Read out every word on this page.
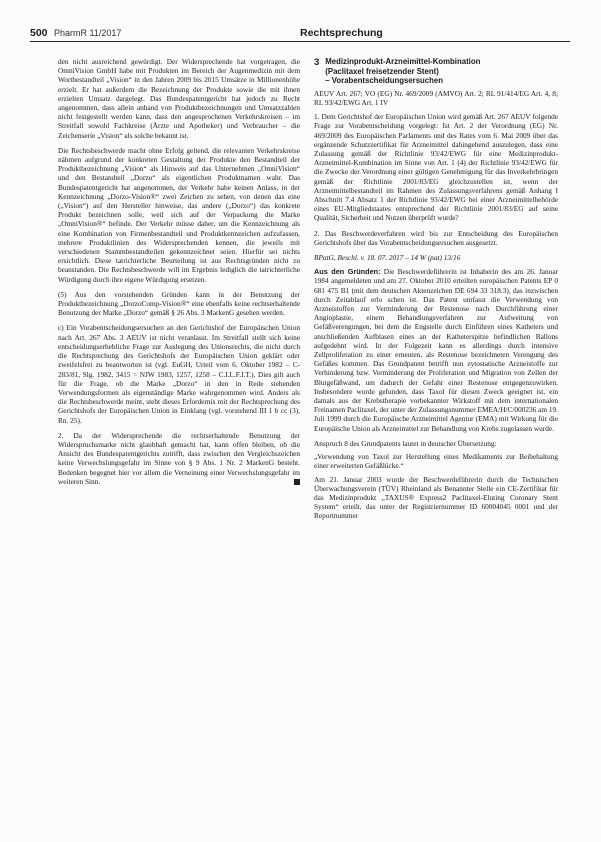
500 PharmR 11/2017	Rechtsprechung

den nicht ausreichend gewürdigt. Der Widersprechende hat vorgetragen, die OmniVision GmbH habe mit Produkten im Bereich der Augenmedizin mit dem Wortbestandteil „Vision“ in den Jahren 2009 bis 2015 Umsätze in Millionenhöhe erzielt. Er hat außerdem die Bezeichnung der Produkte sowie die mit ihnen erzielten Umsatz dargelegt. Das Bundespatentgericht hat jedoch zu Recht angenommen, dass allein anhand von Produktbezeichnungen und Umsatzzahlen nicht festgestellt werden kann, dass den angesprochenen Verkehrskreisen – im Streitfall sowohl Fachkreise (Ärzte und Apotheker) und Verbraucher – die Zeichenserie „Vision“ als solche bekannt ist.

Die Rechtsbeschwerde macht ohne Erfolg geltend, die relevanten Verkehrskreise nähmen aufgrund der konkreten Gestaltung der Produkte den Bestandteil der Produktbezeichnung „Vision“ als Hinweis auf das Unternehmen „OmniVision“ und den Bestandteil „Dorzo“ als eigentlichen Produktnamen wahr. Das Bundespatentgericht hat angenommen, der Verkehr habe keinen Anlass, in der Kennzeichnung „Dorzo-Vision®“ zwei Zeichen zu sehen, von denen das eine („Vision“) auf den Hersteller hinweise, das andere („Dorzo“) das konkrete Produkt bezeichnen solle, weil sich auf der Verpackung die Marke „OmniVision®“ befinde. Der Verkehr müsse daher, um die Kennzeichnung als eine Kombination von Firmenbestandteil und Produktkennzeichen aufzufassen, mehrere Produktlinien des Widersprechenden kennen, die jeweils mit verschiedenen Stammbestandteilen gekennzeichnet seien. Hierfür sei nichts ersichtlich. Diese tatrichterliche Beurteilung ist aus Rechtsgründen nicht zu beanstanden. Die Rechtsbeschwerde will im Ergebnis lediglich die tatrichterliche Würdigung durch ihre eigene Würdigung ersetzen.

(5) Aus den vorstehenden Gründen kann in der Benutzung der Produktbezeichnung „DorzoComp-Vision®“ eine ebenfalls keine rechtserhaltende Benutzung der Marke „Dorzo“ gemäß § 26 Abs. 3 MarkenG gesehen werden.

c) Ein Vorabentscheidungsersuchen an den Gerichtshof der Europäischen Union nach Art. 267 Abs. 3 AEUV ist nicht veranlasst. Im Streitfall stellt sich keine entscheidungserhebliche Frage zur Auslegung des Unionsrechts, die nicht durch die Rechtsprechung des Gerichtshofs der Europäischen Union geklärt oder zweifelsfrei zu beantworten ist (vgl. EuGH, Urteil vom 6. Oktober 1982 – C-283/81, Slg. 1982, 3415 = NJW 1983, 1257, 1258 – C.I.L.F.I.T.). Dies gilt auch für die Frage, ob die Marke „Dorzo“ in den in Rede stehenden Verwendungsformen als eigenständige Marke wahrgenommen wird. Anders als die Rechtsbeschwerde meint, steht dieses Erfordernis mit der Rechtsprechung des Gerichtshofs der Europäischen Union in Einklang (vgl. vorstehend III 1 b cc (3), Rn. 25).

2. Da der Widersprechende die rechtserhaltende Benutzung der Widerspruchsmarke nicht glaubhaft gemacht hat, kann offen bleiben, ob die Ansicht des Bundespatentgerichts zutrifft, dass zwischen den Vergleichszeichen keine Verwechslungsgefahr im Sinne von § 9 Abs. 1 Nr. 2 MarkenG besteht. Bedenken begegnet hier vor allem die Verneinung einer Verwechslungsgefahr im weiteren Sinn.

3 Medizinprodukt-Arzneimittel-Kombination
(Paclitaxel freisetzender Stent)
– Vorabentscheidungsersuchen

AEUV Art. 267; VO (EG) Nr. 469/2009 (AMVO) Art. 2; RL 91/414/EG Art. 4, 8; RL 93/42/EWG Art. 1 IV

1. Dem Gerichtshof der Europäischen Union wird gemäß Art. 267 AEUV folgende Frage zur Vorabentscheidung vorgelegt: Ist Art. 2 der Verordnung (EG) Nr. 469/2009 des Europäischen Parlaments und des Rates vom 6. Mai 2009 über das ergänzende Schutzzertifikat für Arzneimittel dahingehend auszulegen, dass eine Zulassung gemäß der Richtlinie 93/42/EWG für eine Medizinprodukt-Arzneimittel-Kombination im Sinne von Art. 1 (4) der Richtlinie 93/42/EWG für die Zwecke der Verordnung einer gültigen Genehmigung für das Inverkehrbringen gemäß der Richtlinie 2001/83/EG gleichzustellen ist, wenn der Arzneimittelbestandteil im Rahmen des Zulassungsverfahrens gemäß Anhang I Abschnitt 7.4 Absatz 1 der Richtlinie 93/42/EWG bei einer Arzneimittelbehörde eines EU-Mitgliedstaates entsprechend der Richtlinie 2001/83/EG auf seine Qualität, Sicherheit und Nutzen überprüft wurde?

2. Das Beschwerdeverfahren wird bis zur Entscheidung des Europäischen Gerichtshofs über das Vorabentscheidungsersuchen ausgesetzt.

BPatG, Beschl. v. 18. 07. 2017 – 14 W (pat) 13/16

Aus den Gründen: Die Beschwerdeführerin ist Inhaberin des am 26. Januar 1984 angemeldeten und am 27. Oktober 2010 erteilten europäischen Patents EP 0 681 475 B1 (mit dem deutschen Aktenzeichen DE 694 33 318.3), das inzwischen durch Zeitablauf erlo schen ist. Das Patent umfasst die Verwendung von Arzneistoffen zur Verminderung der Restenose nach Durchführung einer Angioplastie, einem Behandlungsverfahren zur Aufweitung von Gefäßverengungen, bei dem die Engstelle durch Einführen eines Katheters und anschließenden Aufblasen eines an der Katheterspitze befindlichen Ballons aufgedehnt wird. In der Folgezeit kann es allerdings durch intensive Zellproliferation zu einer erneuten, als Restenose bezeichneten Verengung des Gefäßes kommen. Das Grundpatent betrifft nun zytostatische Arzneistoffe zur Verhinderung bzw. Verminderung der Proliferation und Migration von Zellen der Blutgefäßwand, um dadurch der Gefahr einer Restenose entgegenzuwirken. Insbesondere wurde gefunden, dass Taxol für diesen Zweck geeignet ist, ein damals aus der Krebstherapie vorbekannter Wirkstoff mit dem internationalen Freinamen Paclitaxel, der unter der Zulassungsnummer EMEA/H/C/000236 am 19. Juli 1999 durch die Europäische Arzneimittel Agentur (EMA) mit Wirkung für die Europäische Union als Arzneimittel zur Behandlung von Krebs zugelassen wurde.

Anspruch 8 des Grundpatents lautet in deutscher Übersetzung:

„Verwendung von Taxol zur Herstellung eines Medikaments zur Beibehaltung einer erweiterten Gefäßlücke.“

Am 21. Januar 2003 wurde der Beschwerdeführerin durch die Technischen Überwachungsverein (TÜV) Rheinland als Benannter Stelle ein CE-Zertifikat für das Medizinprodukt „TAXUS® Express2 Paclitaxel-Eluting Coronary Stent System“ erteilt, das unter der Registriernummer ID 60004045 0001 und der Reportnummer
